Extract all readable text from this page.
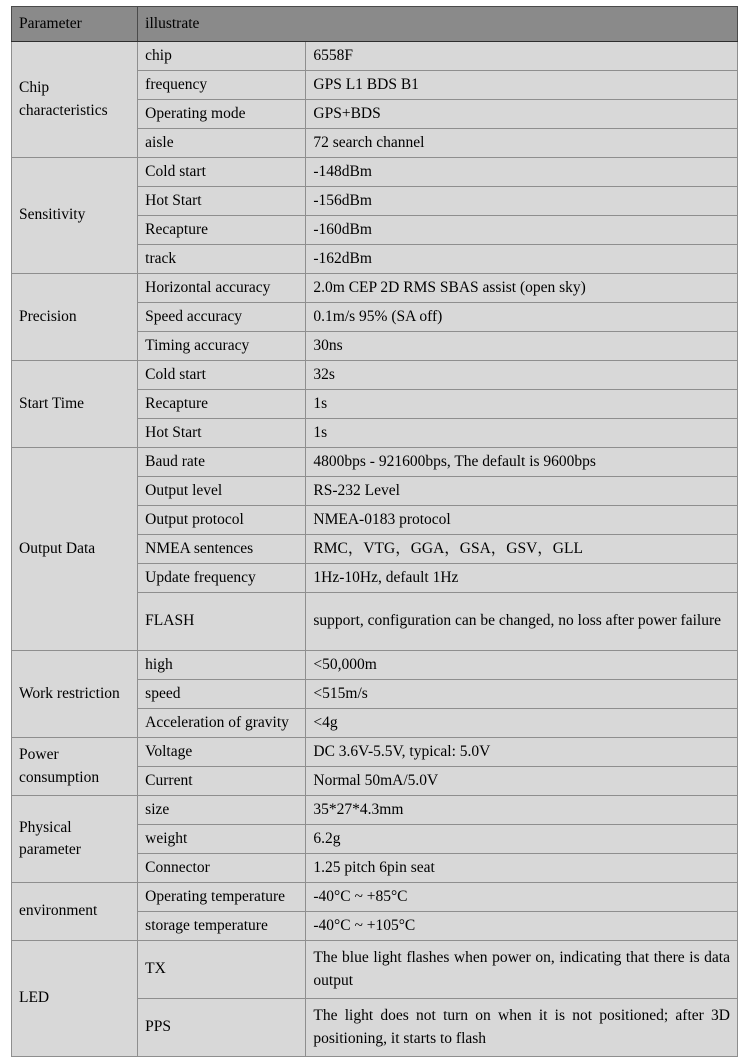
Parameter	illustrate	
Chip characteristics	chip	6558F
	frequency	GPS L1 BDS B1
	Operating mode	GPS+BDS
	aisle	72 search channel
Sensitivity	Cold start	-148dBm
	Hot Start	-156dBm
	Recapture	-160dBm
	track	-162dBm
Precision	Horizontal accuracy	2.0m CEP 2D RMS SBAS assist (open sky)
	Speed accuracy	0.1m/s 95% (SA off)
	Timing accuracy	30ns
Start Time	Cold start	32s
	Recapture	1s
	Hot Start	1s
Output Data	Baud rate	4800bps - 921600bps, The default is 9600bps
	Output level	RS-232 Level
	Output protocol	NMEA-0183 protocol
	NMEA sentences	RMC，VTG，GGA，GSA，GSV，GLL
	Update frequency	1Hz-10Hz, default 1Hz
	FLASH	support, configuration can be changed, no loss after power failure
Work restriction	high	<50,000m
	speed	<515m/s
	Acceleration of gravity	<4g
Power consumption	Voltage	DC 3.6V-5.5V, typical: 5.0V
	Current	Normal 50mA/5.0V
Physical parameter	size	35*27*4.3mm
	weight	6.2g
	Connector	1.25 pitch 6pin seat
environment	Operating temperature	-40°C ~ +85°C
	storage temperature	-40°C ~ +105°C
LED	TX	The blue light flashes when power on, indicating that there is data output
	PPS	The light does not turn on when it is not positioned; after 3D positioning, it starts to flash
